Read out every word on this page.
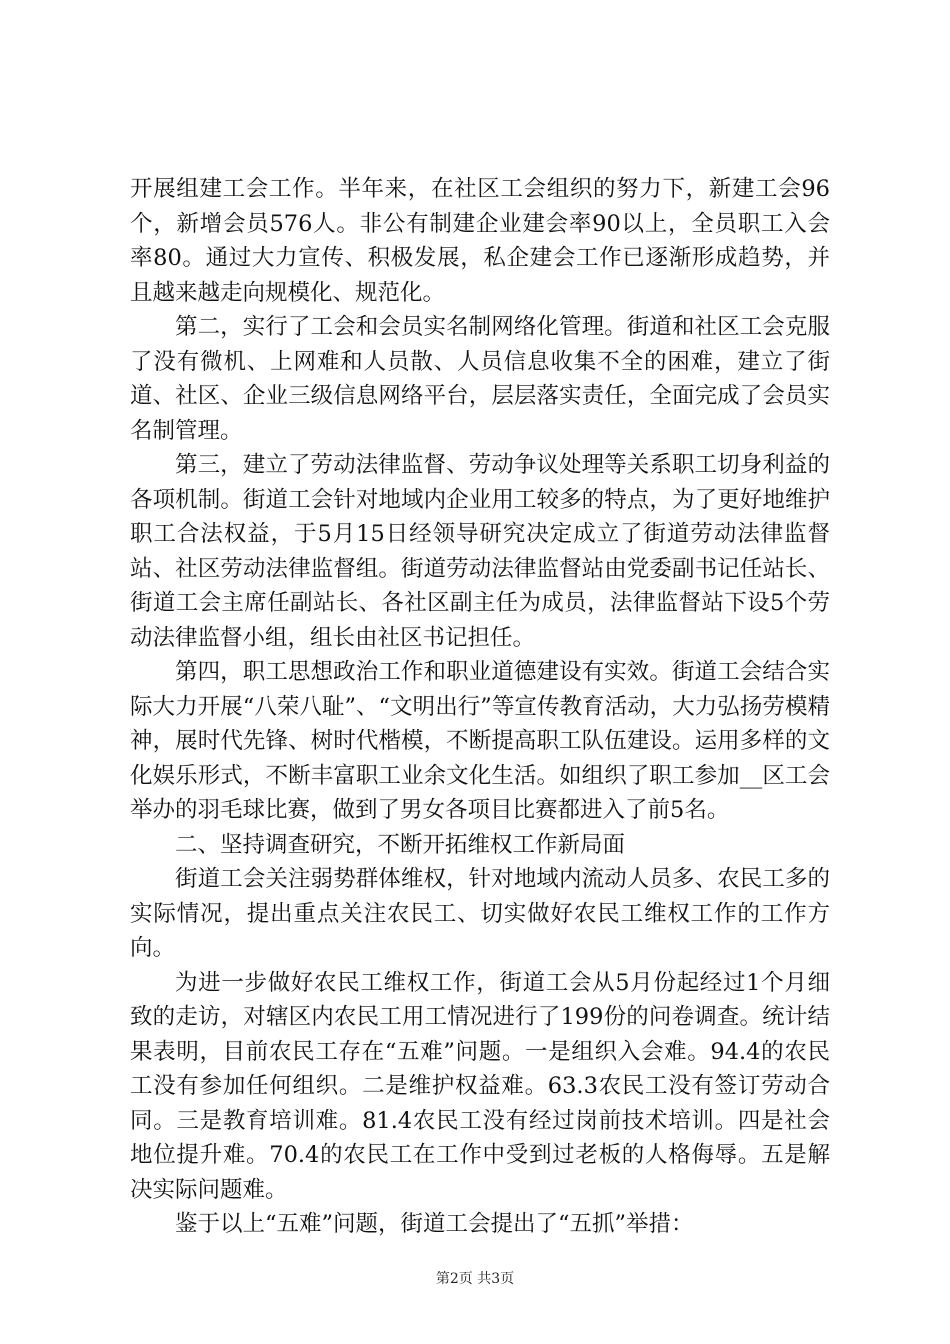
开展组建工会工作。半年来，在社区工会组织的努力下，新建工会96个，新增会员576人。非公有制建企业建会率90以上，全员职工入会率80。通过大力宣传、积极发展，私企建会工作已逐渐形成趋势，并且越来越走向规模化、规范化。

第二，实行了工会和会员实名制网络化管理。街道和社区工会克服了没有微机、上网难和人员散、人员信息收集不全的困难，建立了街道、社区、企业三级信息网络平台，层层落实责任，全面完成了会员实名制管理。

第三，建立了劳动法律监督、劳动争议处理等关系职工切身利益的各项机制。街道工会针对地域内企业用工较多的特点，为了更好地维护职工合法权益，于5月15日经领导研究决定成立了街道劳动法律监督站、社区劳动法律监督组。街道劳动法律监督站由党委副书记任站长、街道工会主席任副站长、各社区副主任为成员，法律监督站下设5个劳动法律监督小组，组长由社区书记担任。

第四，职工思想政治工作和职业道德建设有实效。街道工会结合实际大力开展“八荣八耻”、“文明出行”等宣传教育活动，大力弘扬劳模精神，展时代先锋、树时代楷模，不断提高职工队伍建设。运用多样的文化娱乐形式，不断丰富职工业余文化生活。如组织了职工参加__区工会举办的羽毛球比赛，做到了男女各项目比赛都进入了前5名。

二、坚持调查研究，不断开拓维权工作新局面

街道工会关注弱势群体维权，针对地域内流动人员多、农民工多的实际情况，提出重点关注农民工、切实做好农民工维权工作的工作方向。

为进一步做好农民工维权工作，街道工会从5月份起经过1个月细致的走访，对辖区内农民工用工情况进行了199份的问卷调查。统计结果表明，目前农民工存在“五难”问题。一是组织入会难。94.4的农民工没有参加任何组织。二是维护权益难。63.3农民工没有签订劳动合同。三是教育培训难。81.4农民工没有经过岗前技术培训。四是社会地位提升难。70.4的农民工在工作中受到过老板的人格侮辱。五是解决实际问题难。

鉴于以上“五难”问题，街道工会提出了“五抓”举措：

第2页 共3页
